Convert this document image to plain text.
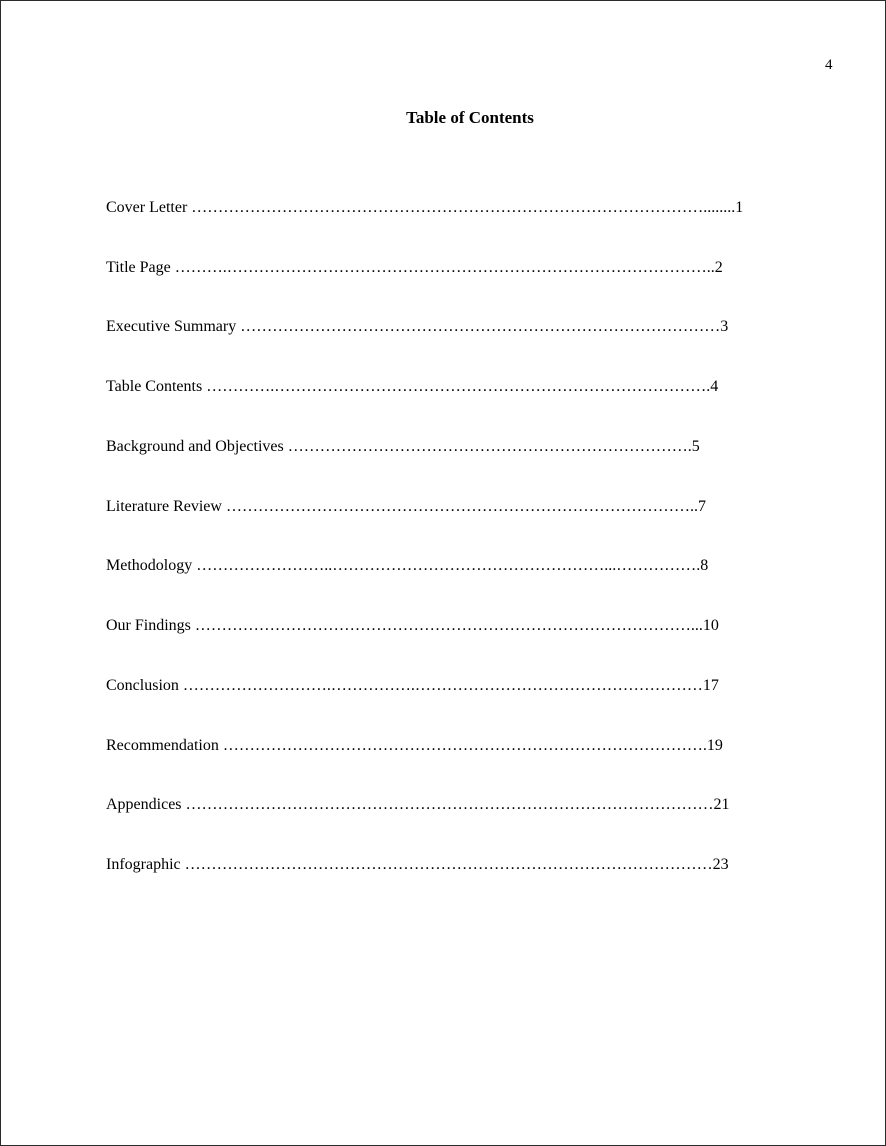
4
Table of Contents
Cover Letter ……………………………………………………………………………………........1
Title Page ……….………………………………………………………………………………..2
Executive Summary ………………………………………………………………………………3
Table Contents ………….……………………………………………………………………….4
Background and Objectives ………………………………………………………………….5
Literature Review ……………………………………………………………………………..7
Methodology ……………………..……………………………………………...…………….8
Our Findings …………………………………………………………………………………...10
Conclusion ……………………….…………….………………………………………………17
Recommendation ……………………………………………………………………………….19
Appendices ………………………………………………………………………………………21
Infographic ………………………………………………………………………………………23
